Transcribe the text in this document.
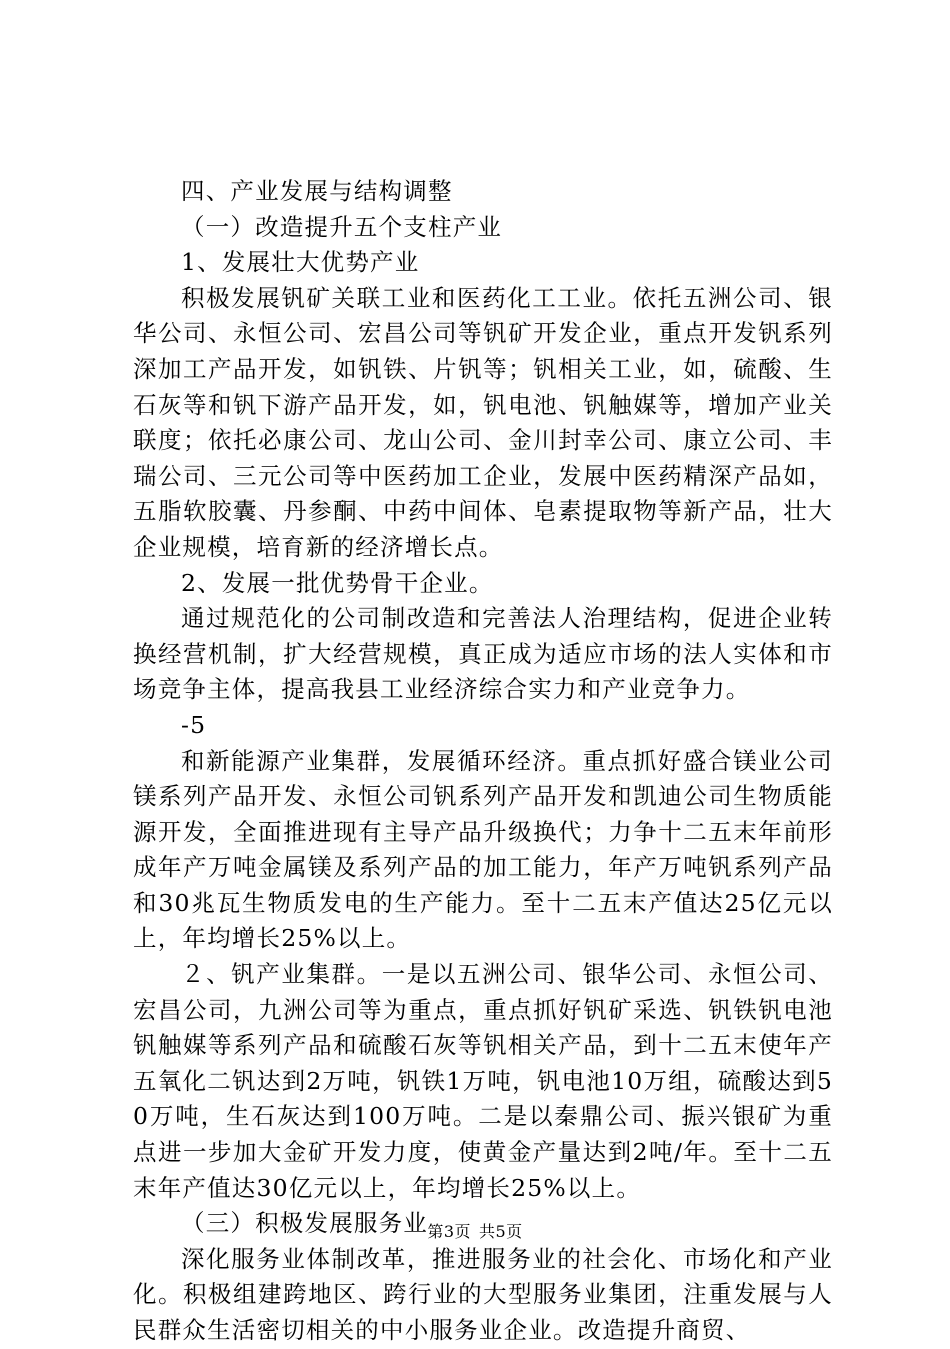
四、产业发展与结构调整

（一）改造提升五个支柱产业

1、发展壮大优势产业

积极发展钒矿关联工业和医药化工工业。依托五洲公司、银华公司、永恒公司、宏昌公司等钒矿开发企业，重点开发钒系列深加工产品开发，如钒铁、片钒等；钒相关工业，如，硫酸、生石灰等和钒下游产品开发，如，钒电池、钒触媒等，增加产业关联度；依托必康公司、龙山公司、金川封幸公司、康立公司、丰瑞公司、三元公司等中医药加工企业，发展中医药精深产品如，五脂软胶囊、丹参酮、中药中间体、皂素提取物等新产品，壮大企业规模，培育新的经济增长点。

2、发展一批优势骨干企业。

通过规范化的公司制改造和完善法人治理结构，促进企业转换经营机制，扩大经营规模，真正成为适应市场的法人实体和市场竞争主体，提高我县工业经济综合实力和产业竞争力。

-5

和新能源产业集群，发展循环经济。重点抓好盛合镁业公司镁系列产品开发、永恒公司钒系列产品开发和凯迪公司生物质能源开发，全面推进现有主导产品升级换代；力争十二五末年前形成年产万吨金属镁及系列产品的加工能力，年产万吨钒系列产品和30兆瓦生物质发电的生产能力。至十二五末产值达25亿元以上，年均增长25%以上。

２、钒产业集群。一是以五洲公司、银华公司、永恒公司、宏昌公司，九洲公司等为重点，重点抓好钒矿采选、钒铁钒电池钒触媒等系列产品和硫酸石灰等钒相关产品，到十二五末使年产五氧化二钒达到2万吨，钒铁1万吨，钒电池10万组，硫酸达到50万吨，生石灰达到100万吨。二是以秦鼎公司、振兴银矿为重点进一步加大金矿开发力度，使黄金产量达到2吨/年。至十二五末年产值达30亿元以上，年均增长25%以上。

（三）积极发展服务业

深化服务业体制改革，推进服务业的社会化、市场化和产业化。积极组建跨地区、跨行业的大型服务业集团，注重发展与人民群众生活密切相关的中小服务业企业。改造提升商贸、

第3页 共5页
